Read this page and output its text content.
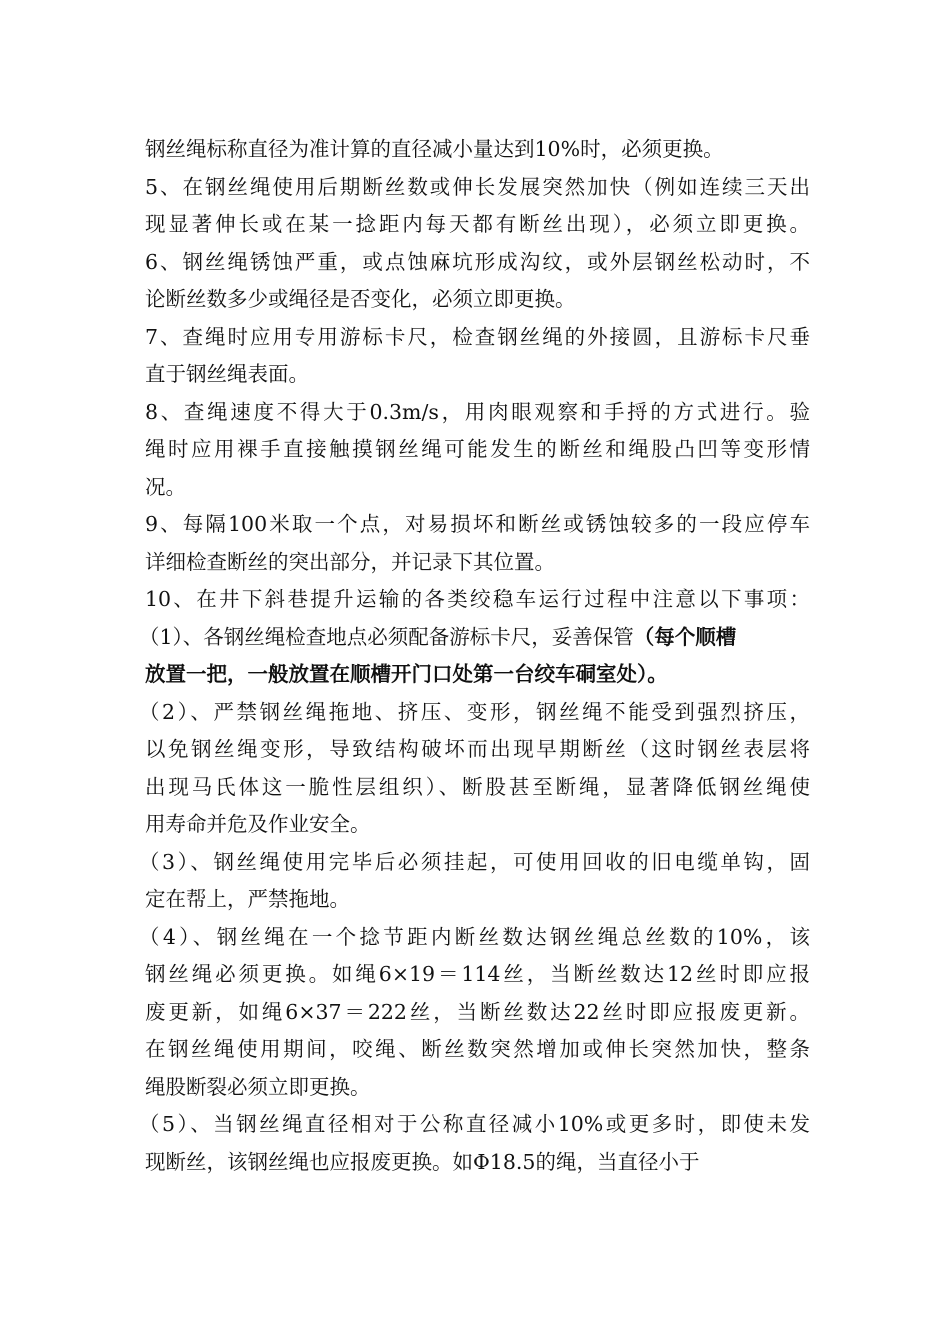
钢丝绳标称直径为准计算的直径减小量达到10%时，必须更换。
5、在钢丝绳使用后期断丝数或伸长发展突然加快（例如连续三天出
现显著伸长或在某一捻距内每天都有断丝出现），必须立即更换。
6、钢丝绳锈蚀严重，或点蚀麻坑形成沟纹，或外层钢丝松动时，不
论断丝数多少或绳径是否变化，必须立即更换。
7、查绳时应用专用游标卡尺，检查钢丝绳的外接圆，且游标卡尺垂
直于钢丝绳表面。
8、查绳速度不得大于0.3m/s，用肉眼观察和手捋的方式进行。验
绳时应用裸手直接触摸钢丝绳可能发生的断丝和绳股凸凹等变形情
况。
9、每隔100米取一个点，对易损坏和断丝或锈蚀较多的一段应停车
详细检查断丝的突出部分，并记录下其位置。
10、在井下斜巷提升运输的各类绞稳车运行过程中注意以下事项：
（1）、各钢丝绳检查地点必须配备游标卡尺，妥善保管（每个顺槽
放置一把，一般放置在顺槽开门口处第一台绞车硐室处）。
（2）、严禁钢丝绳拖地、挤压、变形，钢丝绳不能受到强烈挤压，
以免钢丝绳变形，导致结构破坏而出现早期断丝（这时钢丝表层将
出现马氏体这一脆性层组织）、断股甚至断绳，显著降低钢丝绳使
用寿命并危及作业安全。
（3）、钢丝绳使用完毕后必须挂起，可使用回收的旧电缆单钩，固
定在帮上，严禁拖地。
（4）、钢丝绳在一个捻节距内断丝数达钢丝绳总丝数的10%，该
钢丝绳必须更换。如绳6×19＝114丝，当断丝数达12丝时即应报
废更新，如绳6×37＝222丝，当断丝数达22丝时即应报废更新。
在钢丝绳使用期间，咬绳、断丝数突然增加或伸长突然加快，整条
绳股断裂必须立即更换。
（5）、当钢丝绳直径相对于公称直径减小10%或更多时，即使未发
现断丝，该钢丝绳也应报废更换。如Φ18.5的绳，当直径小于
